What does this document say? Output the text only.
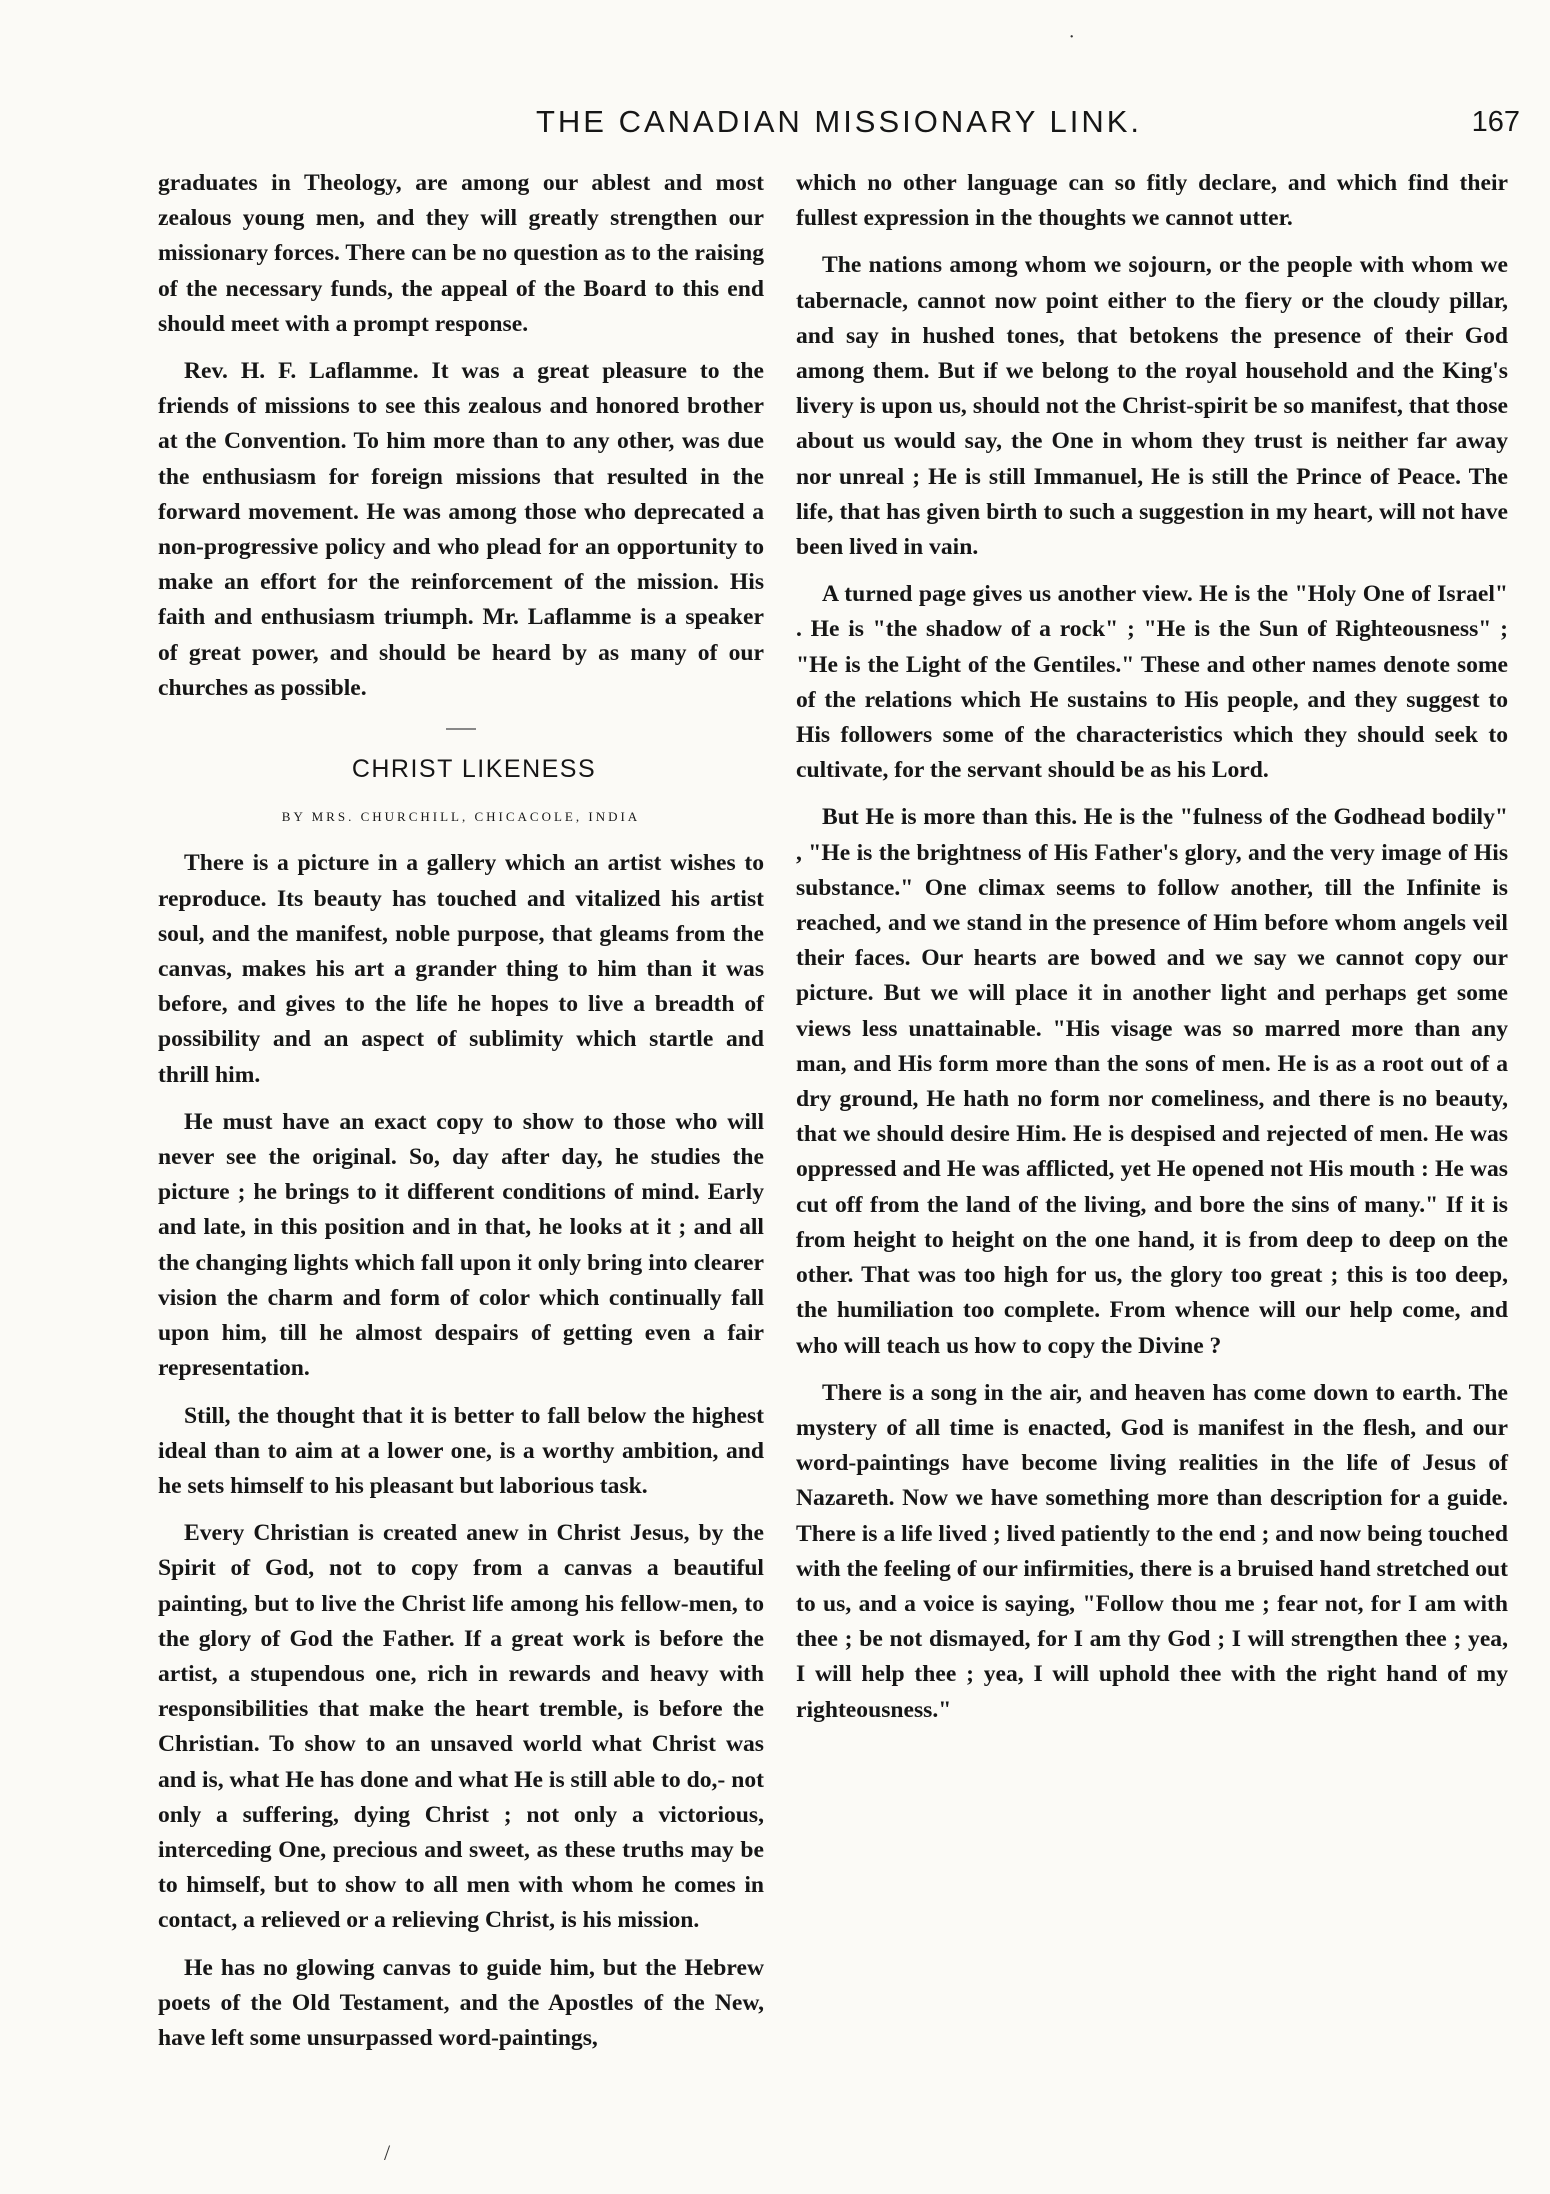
THE CANADIAN MISSIONARY LINK.	167

graduates in Theology, are among our ablest and most zealous young men, and they will greatly strengthen our missionary forces. There can be no question as to the raising of the necessary funds, the appeal of the Board to this end should meet with a prompt response.

Rev. H. F. Laflamme. It was a great pleasure to the friends of missions to see this zealous and honored brother at the Convention. To him more than to any other, was due the enthusiasm for foreign missions that resulted in the forward movement. He was among those who deprecated a non-progressive policy and who plead for an opportunity to make an effort for the reinforcement of the mission. His faith and enthusiasm triumph. Mr. Laflamme is a speaker of great power, and should be heard by as many of our churches as possible.

CHRIST LIKENESS

BY MRS. CHURCHILL, CHICACOLE, INDIA

There is a picture in a gallery which an artist wishes to reproduce. Its beauty has touched and vitalized his artist soul, and the manifest, noble purpose, that gleams from the canvas, makes his art a grander thing to him than it was before, and gives to the life he hopes to live a breadth of possibility and an aspect of sublimity which startle and thrill him.

He must have an exact copy to show to those who will never see the original. So, day after day, he studies the picture ; he brings to it different conditions of mind. Early and late, in this position and in that, he looks at it ; and all the changing lights which fall upon it only bring into clearer vision the charm and form of color which continually fall upon him, till he almost despairs of getting even a fair representation.

Still, the thought that it is better to fall below the highest ideal than to aim at a lower one, is a worthy ambition, and he sets himself to his pleasant but laborious task.

Every Christian is created anew in Christ Jesus, by the Spirit of God, not to copy from a canvas a beautiful painting, but to live the Christ life among his fellow-men, to the glory of God the Father. If a great work is before the artist, a stupendous one, rich in rewards and heavy with responsibilities that make the heart tremble, is before the Christian. To show to an unsaved world what Christ was and is, what He has done and what He is still able to do,- not only a suffering, dying Christ ; not only a victorious, interceding One, precious and sweet, as these truths may be to himself, but to show to all men with whom he comes in contact, a relieved or a relieving Christ, is his mission.

He has no glowing canvas to guide him, but the Hebrew poets of the Old Testament, and the Apostles of the New, have left some unsurpassed word-paintings,

which no other language can so fitly declare, and which find their fullest expression in the thoughts we cannot utter.

The nations among whom we sojourn, or the people with whom we tabernacle, cannot now point either to the fiery or the cloudy pillar, and say in hushed tones, that betokens the presence of their God among them. But if we belong to the royal household and the King's livery is upon us, should not the Christ-spirit be so manifest, that those about us would say, the One in whom they trust is neither far away nor unreal ; He is still Immanuel, He is still the Prince of Peace. The life, that has given birth to such a suggestion in my heart, will not have been lived in vain.

A turned page gives us another view. He is the "Holy One of Israel" . He is "the shadow of a rock" ; "He is the Sun of Righteousness" ; "He is the Light of the Gentiles." These and other names denote some of the relations which He sustains to His people, and they suggest to His followers some of the characteristics which they should seek to cultivate, for the servant should be as his Lord.

But He is more than this. He is the "fulness of the Godhead bodily" , "He is the brightness of His Father's glory, and the very image of His substance." One climax seems to follow another, till the Infinite is reached, and we stand in the presence of Him before whom angels veil their faces. Our hearts are bowed and we say we cannot copy our picture. But we will place it in another light and perhaps get some views less unattainable. "His visage was so marred more than any man, and His form more than the sons of men. He is as a root out of a dry ground, He hath no form nor comeliness, and there is no beauty, that we should desire Him. He is despised and rejected of men. He was oppressed and He was afflicted, yet He opened not His mouth : He was cut off from the land of the living, and bore the sins of many." If it is from height to height on the one hand, it is from deep to deep on the other. That was too high for us, the glory too great ; this is too deep, the humiliation too complete. From whence will our help come, and who will teach us how to copy the Divine ?

There is a song in the air, and heaven has come down to earth. The mystery of all time is enacted, God is manifest in the flesh, and our word-paintings have become living realities in the life of Jesus of Nazareth. Now we have something more than description for a guide. There is a life lived ; lived patiently to the end ; and now being touched with the feeling of our infirmities, there is a bruised hand stretched out to us, and a voice is saying, "Follow thou me ; fear not, for I am with thee ; be not dismayed, for I am thy God ; I will strengthen thee ; yea, I will help thee ; yea, I will uphold thee with the right hand of my righteousness."

˙
/
